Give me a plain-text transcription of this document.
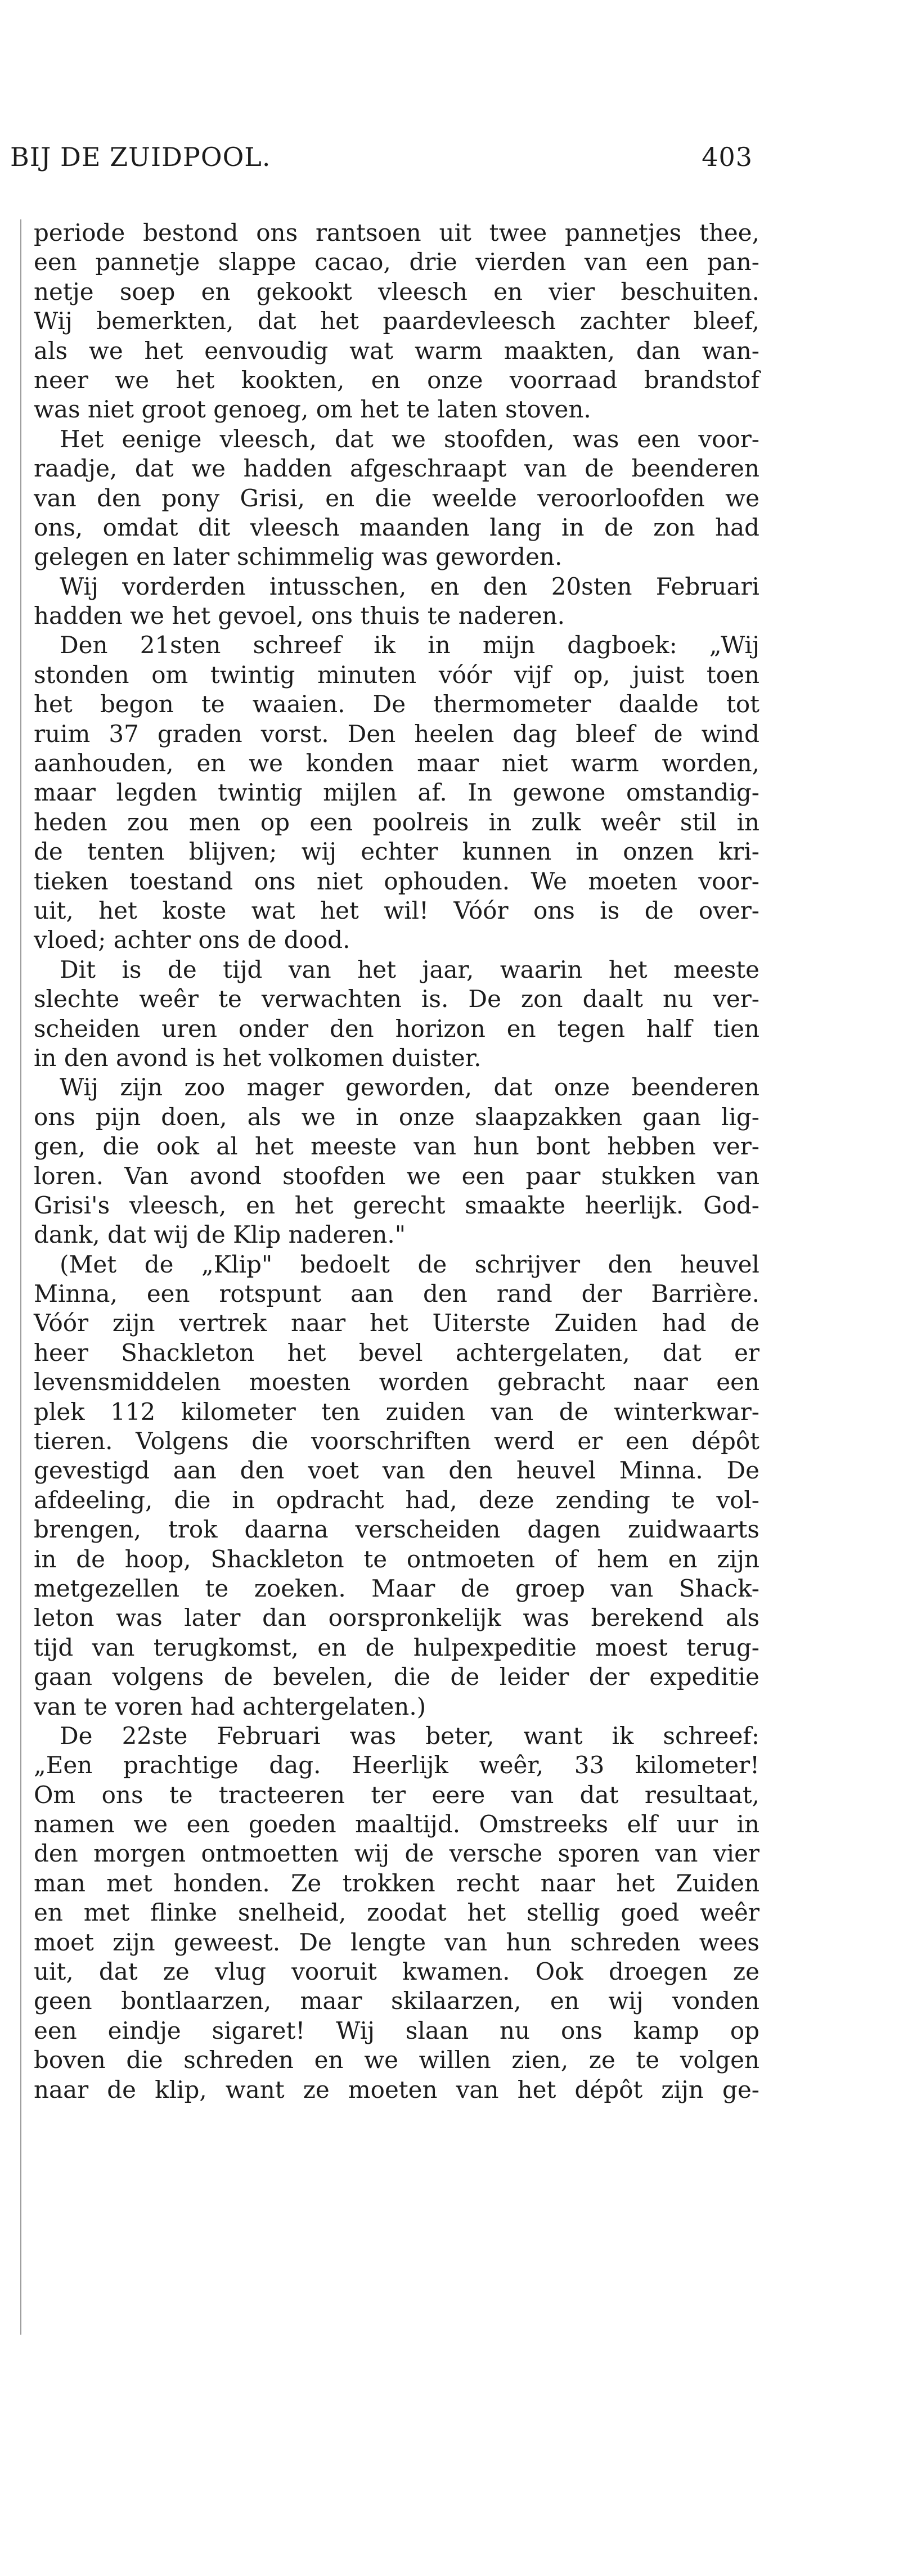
BIJ DE ZUIDPOOL.	403
periode bestond ons rantsoen uit twee pannetjes thee,
een pannetje slappe cacao, drie vierden van een pan-
netje soep en gekookt vleesch en vier beschuiten.
Wij bemerkten, dat het paardevleesch zachter bleef,
als we het eenvoudig wat warm maakten, dan wan-
neer we het kookten, en onze voorraad brandstof
was niet groot genoeg, om het te laten stoven.
Het eenige vleesch, dat we stoofden, was een voor-
raadje, dat we hadden afgeschraapt van de beenderen
van den pony Grisi, en die weelde veroorloofden we
ons, omdat dit vleesch maanden lang in de zon had
gelegen en later schimmelig was geworden.
Wij vorderden intusschen, en den 20sten Februari
hadden we het gevoel, ons thuis te naderen.
Den 21sten schreef ik in mijn dagboek: „Wij
stonden om twintig minuten vóór vijf op, juist toen
het begon te waaien. De thermometer daalde tot
ruim 37 graden vorst. Den heelen dag bleef de wind
aanhouden, en we konden maar niet warm worden,
maar legden twintig mijlen af. In gewone omstandig-
heden zou men op een poolreis in zulk weêr stil in
de tenten blijven; wij echter kunnen in onzen kri-
tieken toestand ons niet ophouden. We moeten voor-
uit, het koste wat het wil! Vóór ons is de over-
vloed; achter ons de dood.
Dit is de tijd van het jaar, waarin het meeste
slechte weêr te verwachten is. De zon daalt nu ver-
scheiden uren onder den horizon en tegen half tien
in den avond is het volkomen duister.
Wij zijn zoo mager geworden, dat onze beenderen
ons pijn doen, als we in onze slaapzakken gaan lig-
gen, die ook al het meeste van hun bont hebben ver-
loren. Van avond stoofden we een paar stukken van
Grisi's vleesch, en het gerecht smaakte heerlijk. God-
dank, dat wij de Klip naderen."
(Met de „Klip" bedoelt de schrijver den heuvel
Minna, een rotspunt aan den rand der Barrière.
Vóór zijn vertrek naar het Uiterste Zuiden had de
heer Shackleton het bevel achtergelaten, dat er
levensmiddelen moesten worden gebracht naar een
plek 112 kilometer ten zuiden van de winterkwar-
tieren. Volgens die voorschriften werd er een dépôt
gevestigd aan den voet van den heuvel Minna. De
afdeeling, die in opdracht had, deze zending te vol-
brengen, trok daarna verscheiden dagen zuidwaarts
in de hoop, Shackleton te ontmoeten of hem en zijn
metgezellen te zoeken. Maar de groep van Shack-
leton was later dan oorspronkelijk was berekend als
tijd van terugkomst, en de hulpexpeditie moest terug-
gaan volgens de bevelen, die de leider der expeditie
van te voren had achtergelaten.)
De 22ste Februari was beter, want ik schreef:
„Een prachtige dag. Heerlijk weêr, 33 kilometer!
Om ons te tracteeren ter eere van dat resultaat,
namen we een goeden maaltijd. Omstreeks elf uur in
den morgen ontmoetten wij de versche sporen van vier
man met honden. Ze trokken recht naar het Zuiden
en met flinke snelheid, zoodat het stellig goed weêr
moet zijn geweest. De lengte van hun schreden wees
uit, dat ze vlug vooruit kwamen. Ook droegen ze
geen bontlaarzen, maar skilaarzen, en wij vonden
een eindje sigaret! Wij slaan nu ons kamp op
boven die schreden en we willen zien, ze te volgen
naar de klip, want ze moeten van het dépôt zijn ge-
